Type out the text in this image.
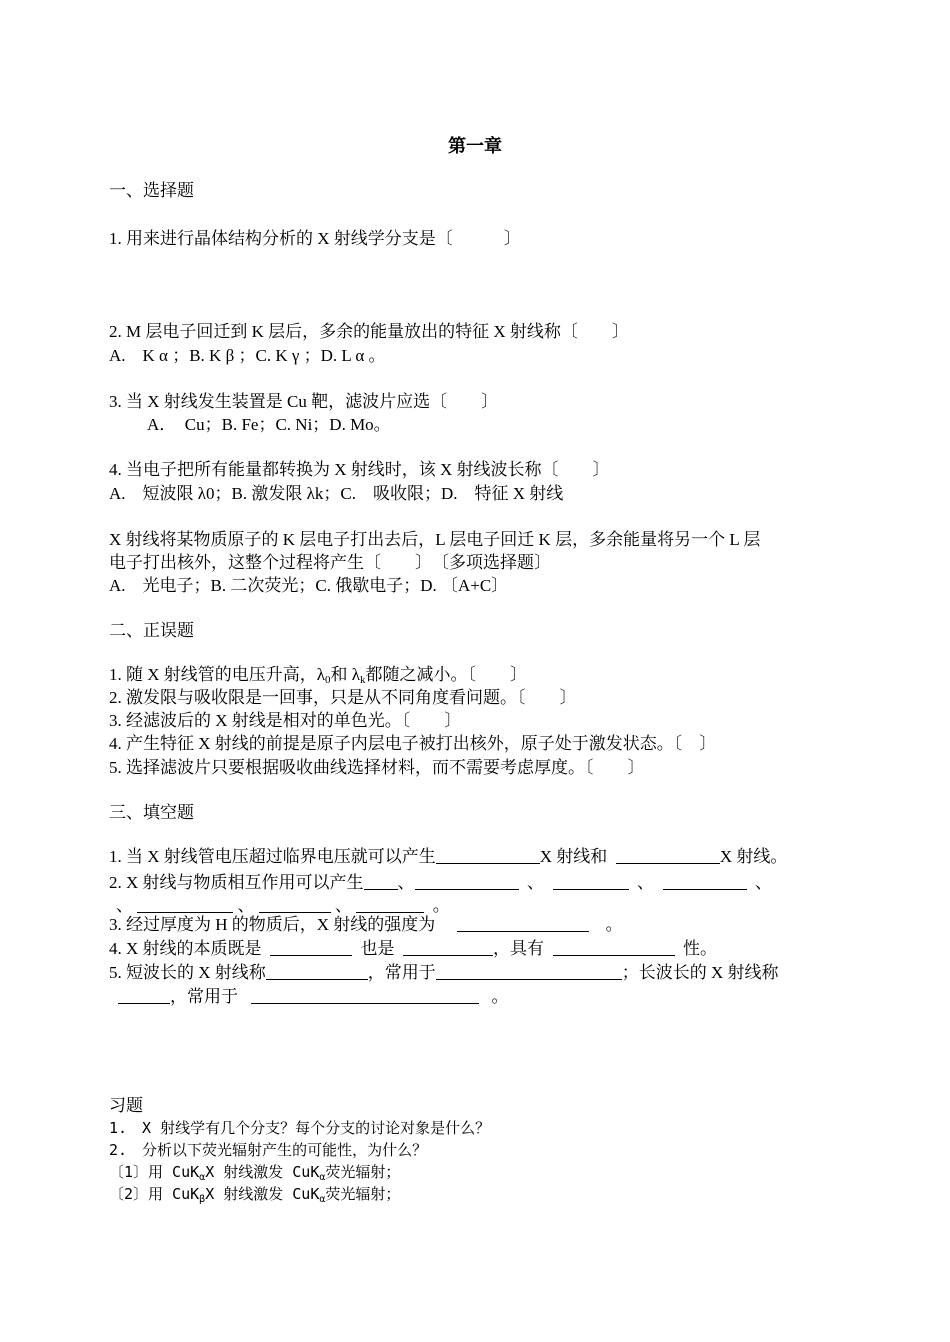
第一章
一、选择题
1. 用来进行晶体结构分析的 X 射线学分支是〔　　　〕
2. M 层电子回迁到 K 层后，多余的能量放出的特征 X 射线称〔　　〕
A.　K α ；B. K β ；C. K γ ；D. L α 。
3. 当 X 射线发生装置是 Cu 靶，滤波片应选〔　　〕
A．　Cu；B. Fe；C. Ni；D. Mo。
4. 当电子把所有能量都转换为 X 射线时，该 X 射线波长称〔　　〕
A.　短波限 λ0；B. 激发限 λk；C.　吸收限；D.　特征 X 射线
X 射线将某物质原子的 K 层电子打出去后，L 层电子回迁 K 层，多余能量将另一个 L 层
电子打出核外，这整个过程将产生〔　　〕　〔多项选择题〕
A.　光电子；B. 二次荧光；C. 俄歇电子；D. 〔A+C〕
二、正误题
1. 随 X 射线管的电压升高，$\lambda_0$和 $\lambda_k$都随之减小。〔　　〕
2. 激发限与吸收限是一回事，只是从不同角度看问题。〔　　〕
3. 经滤波后的 X 射线是相对的单色光。〔　　〕
4. 产生特征 X 射线的前提是原子内层电子被打出核外，原子处于激发状态。〔　〕
5. 选择滤波片只要根据吸收曲线选择材料，而不需要考虑厚度。〔　　〕
三、填空题
1. 当 X 射线管电压超过临界电压就可以产生	X 射线和	X 射线。
2. X 射线与物质相互作用可以产生 、	、	、	、
、	、	、	。
3. 经过厚度为 H 的物质后，X 射线的强度为	。
4. X 射线的本质既是	也是	，具有	性。
5. 短波长的 X 射线称	，常用于	；长波长的 X 射线称
，常用于	。
习题
1.　X 射线学有几个分支？每个分支的讨论对象是什么？
2.　分析以下荧光辐射产生的可能性，为什么？
〔1〕用 CuK$_\alpha$X 射线激发 CuK$_\alpha$荧光辐射；
〔2〕用 CuK$_\beta$X 射线激发 CuK$_\alpha$荧光辐射；
